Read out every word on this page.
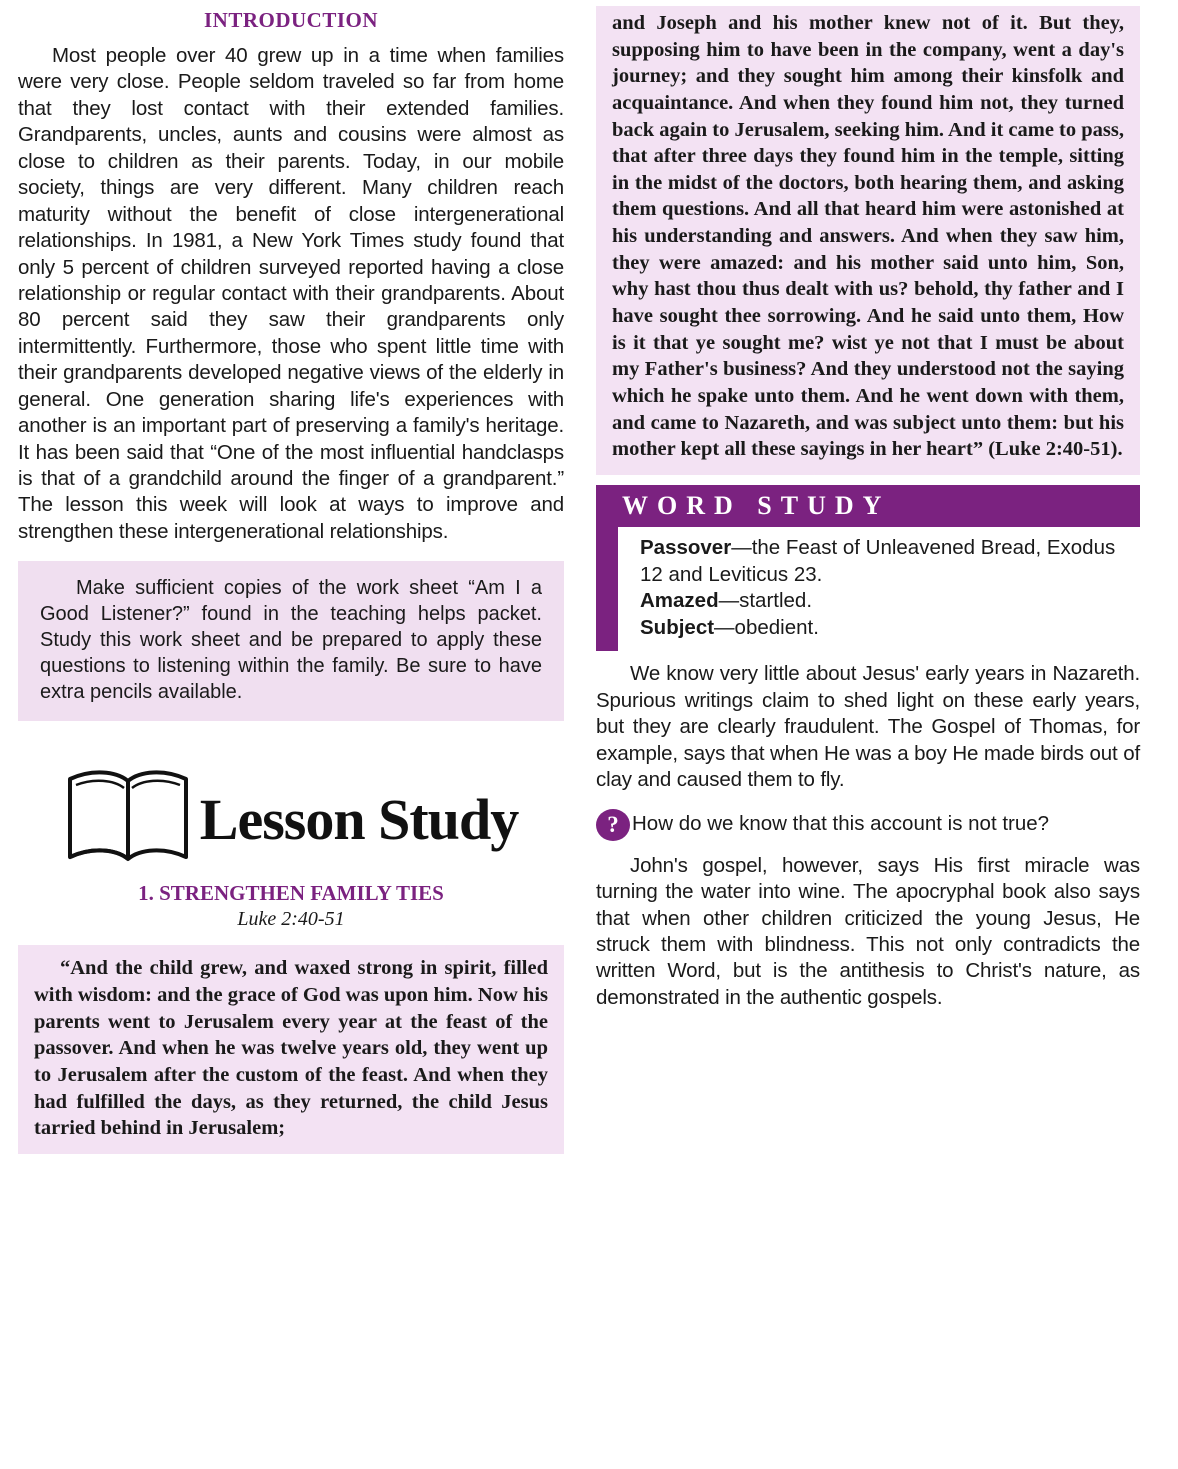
INTRODUCTION

Most people over 40 grew up in a time when families were very close. People seldom traveled so far from home that they lost contact with their extended families. Grandparents, uncles, aunts and cousins were almost as close to children as their parents. Today, in our mobile society, things are very different. Many children reach maturity without the benefit of close intergenerational relationships. In 1981, a New York Times study found that only 5 percent of children surveyed reported having a close relationship or regular contact with their grandparents. About 80 percent said they saw their grandparents only intermittently. Furthermore, those who spent little time with their grandparents developed negative views of the elderly in general. One generation sharing life's experiences with another is an important part of preserving a family's heritage. It has been said that “One of the most influential handclasps is that of a grandchild around the finger of a grandparent.” The lesson this week will look at ways to improve and strengthen these intergenerational relationships.

Make sufficient copies of the work sheet “Am I a Good Listener?” found in the teaching helps packet. Study this work sheet and be prepared to apply these questions to listening within the family. Be sure to have extra pencils available.
Lesson Study
1. STRENGTHEN FAMILY TIES
Luke 2:40-51
“And the child grew, and waxed strong in spirit, filled with wisdom: and the grace of God was upon him. Now his parents went to Jerusalem every year at the feast of the passover. And when he was twelve years old, they went up to Jerusalem after the custom of the feast. And when they had fulfilled the days, as they returned, the child Jesus tarried behind in Jerusalem;
and Joseph and his mother knew not of it. But they, supposing him to have been in the company, went a day's journey; and they sought him among their kinsfolk and acquaintance. And when they found him not, they turned back again to Jerusalem, seeking him. And it came to pass, that after three days they found him in the temple, sitting in the midst of the doctors, both hearing them, and asking them questions. And all that heard him were astonished at his understanding and answers. And when they saw him, they were amazed: and his mother said unto him, Son, why hast thou thus dealt with us? behold, thy father and I have sought thee sorrowing. And he said unto them, How is it that ye sought me? wist ye not that I must be about my Father's business? And they understood not the saying which he spake unto them. And he went down with them, and came to Nazareth, and was subject unto them: but his mother kept all these sayings in her heart” (Luke 2:40-51).
WORD STUDY
Passover—the Feast of Unleavened Bread, Exodus 12 and Leviticus 23.
Amazed—startled.
Subject—obedient.

We know very little about Jesus' early years in Nazareth. Spurious writings claim to shed light on these early years, but they are clearly fraudulent. The Gospel of Thomas, for example, says that when He was a boy He made birds out of clay and caused them to fly.

? How do we know that this account is not true?

John's gospel, however, says His first miracle was turning the water into wine. The apocryphal book also says that when other children criticized the young Jesus, He struck them with blindness. This not only contradicts the written Word, but is the antithesis to Christ's nature, as demonstrated in the authentic gospels.
